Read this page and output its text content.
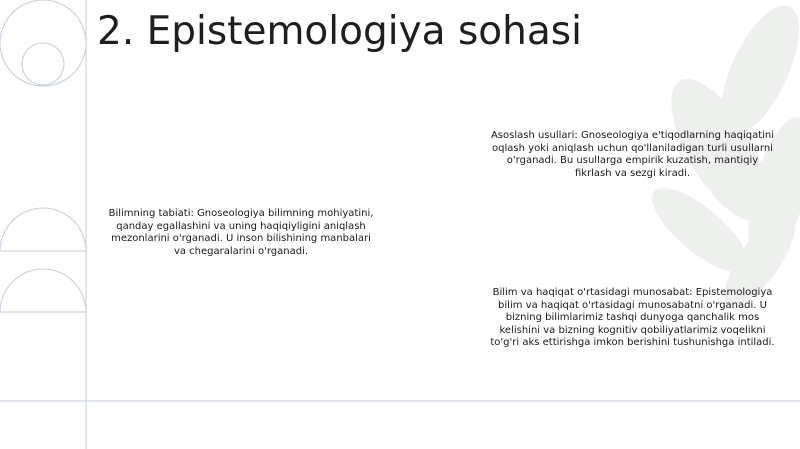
2. Epistemologiya sohasi

Bilimning tabiati: Gnoseologiya bilimning mohiyatini, qanday egallashini va uning haqiqiyligini aniqlash mezonlarini o'rganadi. U inson bilishining manbalari va chegaralarini o'rganadi.

Asoslash usullari: Gnoseologiya e'tiqodlarning haqiqatini oqlash yoki aniqlash uchun qo'llaniladigan turli usullarni o'rganadi. Bu usullarga empirik kuzatish, mantiqiy fikrlash va sezgi kiradi.

Bilim va haqiqat o'rtasidagi munosabat: Epistemologiya bilim va haqiqat o'rtasidagi munosabatni o'rganadi. U bizning bilimlarimiz tashqi dunyoga qanchalik mos kelishini va bizning kognitiv qobiliyatlarimiz voqelikni to'g'ri aks ettirishga imkon berishini tushunishga intiladi.
